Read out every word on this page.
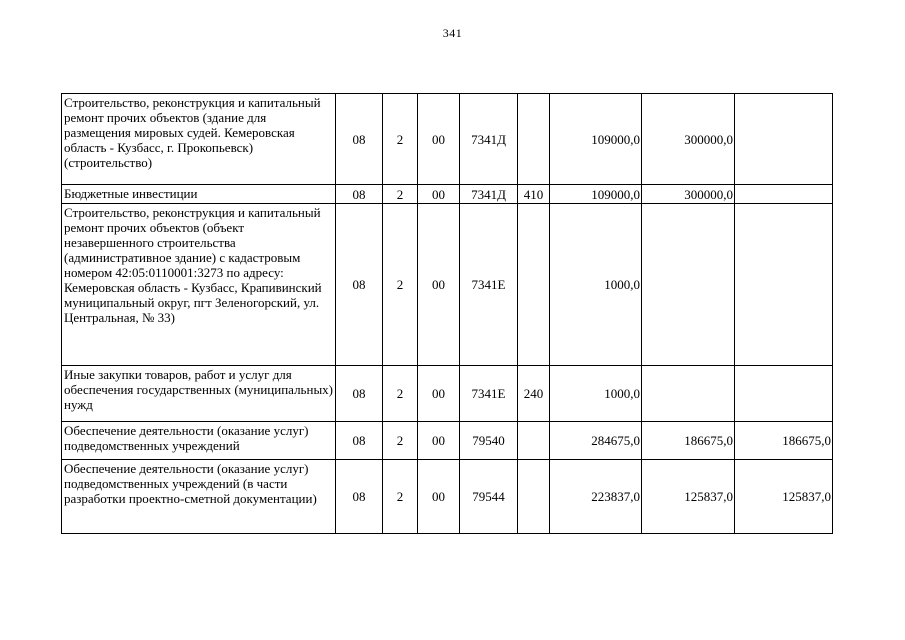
341
Строительство, реконструкция и капитальный ремонт прочих объектов (здание для размещения мировых судей. Кемеровская область - Кузбасс, г. Прокопьевск) (строительство)	08	2	00	7341Д		109000,0	300000,0	
Бюджетные инвестиции	08	2	00	7341Д	410	109000,0	300000,0	
Строительство, реконструкция и капитальный ремонт прочих объектов (объект незавершенного строительства (административное здание) с кадастровым номером 42:05:0110001:3273 по адресу: Кемеровская область - Кузбасс, Крапивинский муниципальный округ, пгт Зеленогорский, ул. Центральная, № 33)	08	2	00	7341Е		1000,0		
Иные закупки товаров, работ и услуг для обеспечения государственных (муниципальных) нужд	08	2	00	7341Е	240	1000,0		
Обеспечение деятельности (оказание услуг) подведомственных учреждений	08	2	00	79540		284675,0	186675,0	186675,0
Обеспечение деятельности (оказание услуг) подведомственных учреждений (в части разработки проектно-сметной документации)	08	2	00	79544		223837,0	125837,0	125837,0
